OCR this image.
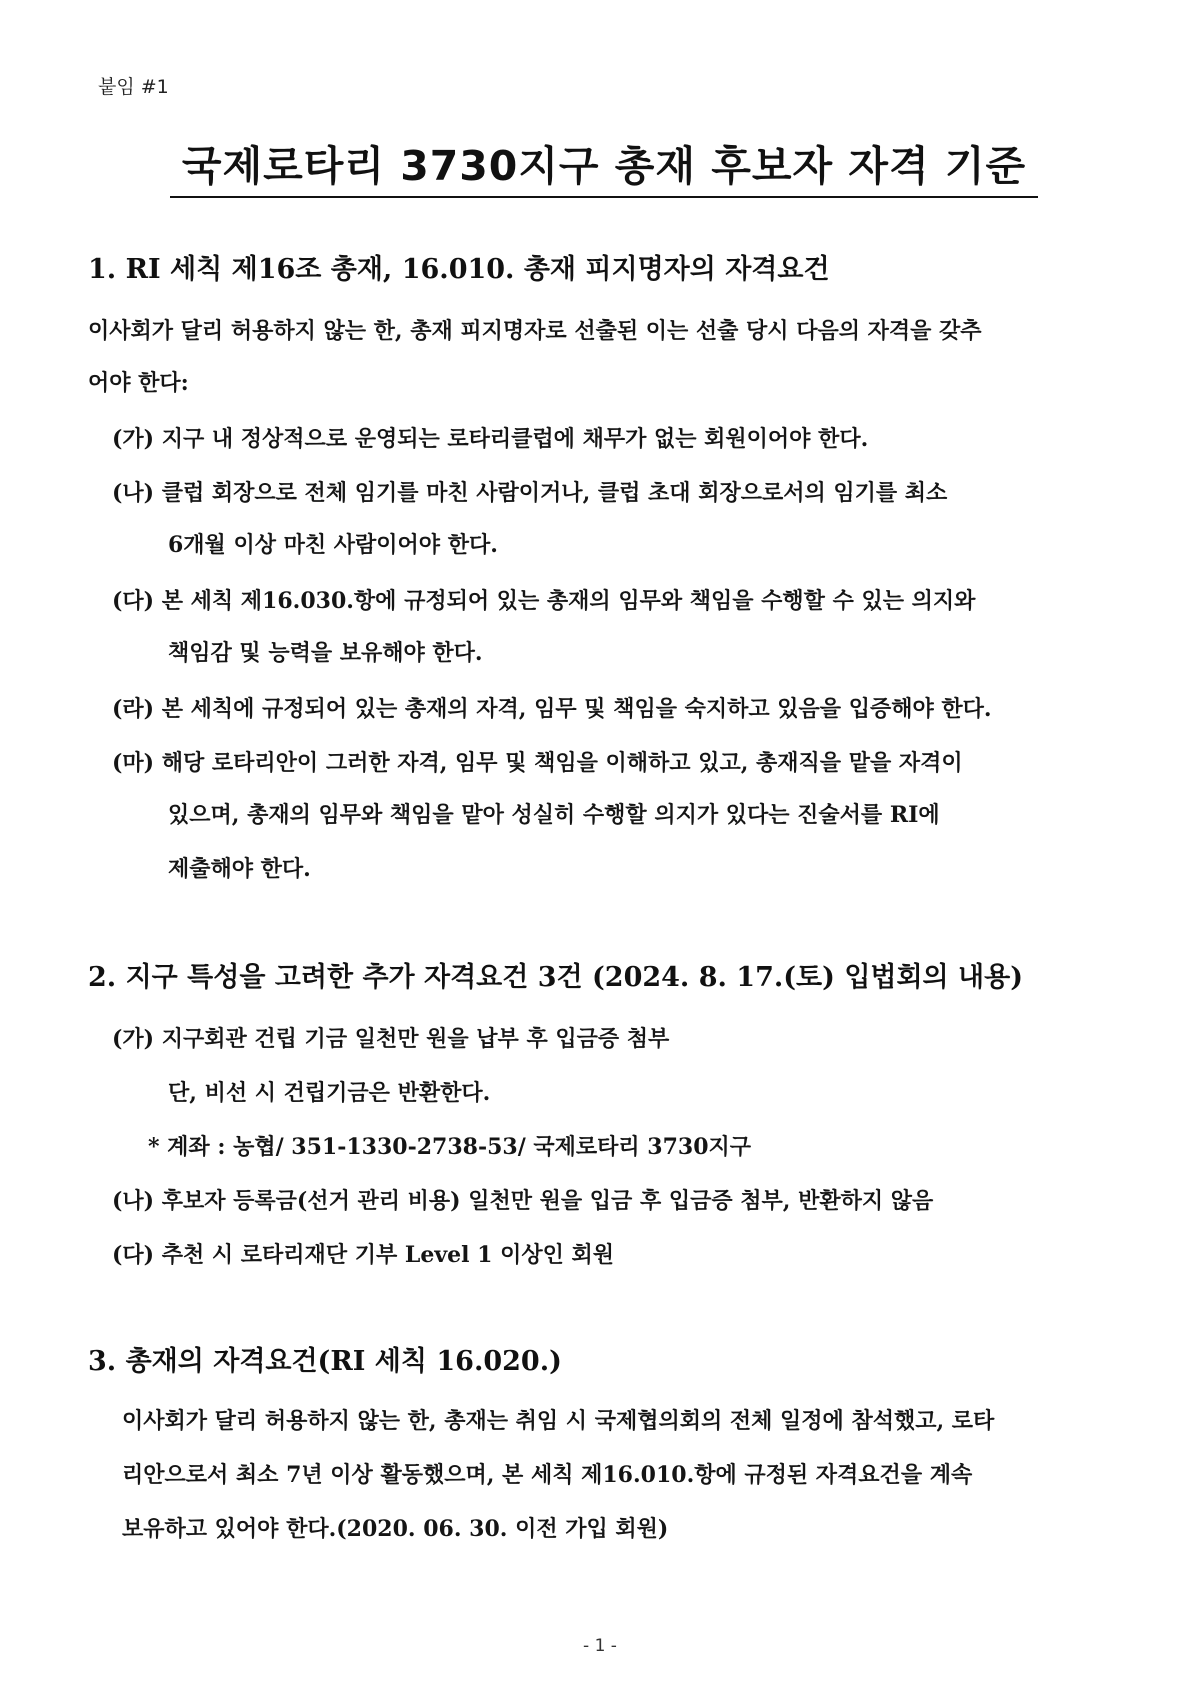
붙임 #1
국제로타리 3730지구 총재 후보자 자격 기준
1. RI 세칙 제16조 총재, 16.010. 총재 피지명자의 자격요건
이사회가 달리 허용하지 않는 한, 총재 피지명자로 선출된 이는 선출 당시 다음의 자격을 갖추
어야 한다:
(가) 지구 내 정상적으로 운영되는 로타리클럽에 채무가 없는 회원이어야 한다.
(나) 클럽 회장으로 전체 임기를 마친 사람이거나, 클럽 초대 회장으로서의 임기를 최소
6개월 이상 마친 사람이어야 한다.
(다) 본 세칙 제16.030.항에 규정되어 있는 총재의 임무와 책임을 수행할 수 있는 의지와
책임감 및 능력을 보유해야 한다.
(라) 본 세칙에 규정되어 있는 총재의 자격, 임무 및 책임을 숙지하고 있음을 입증해야 한다.
(마) 해당 로타리안이 그러한 자격, 임무 및 책임을 이해하고 있고, 총재직을 맡을 자격이
있으며, 총재의 임무와 책임을 맡아 성실히 수행할 의지가 있다는 진술서를 RI에
제출해야 한다.
2. 지구 특성을 고려한 추가 자격요건 3건 (2024. 8. 17.(토) 입법회의 내용)
(가) 지구회관 건립 기금 일천만 원을 납부 후 입금증 첨부
단, 비선 시 건립기금은 반환한다.
* 계좌 : 농협/ 351-1330-2738-53/ 국제로타리 3730지구
(나) 후보자 등록금(선거 관리 비용) 일천만 원을 입금 후 입금증 첨부, 반환하지 않음
(다) 추천 시 로타리재단 기부 Level 1 이상인 회원
3. 총재의 자격요건(RI 세칙 16.020.)
이사회가 달리 허용하지 않는 한, 총재는 취임 시 국제협의회의 전체 일정에 참석했고, 로타
리안으로서 최소 7년 이상 활동했으며, 본 세칙 제16.010.항에 규정된 자격요건을 계속
보유하고 있어야 한다.(2020. 06. 30. 이전 가입 회원)
- 1 -
